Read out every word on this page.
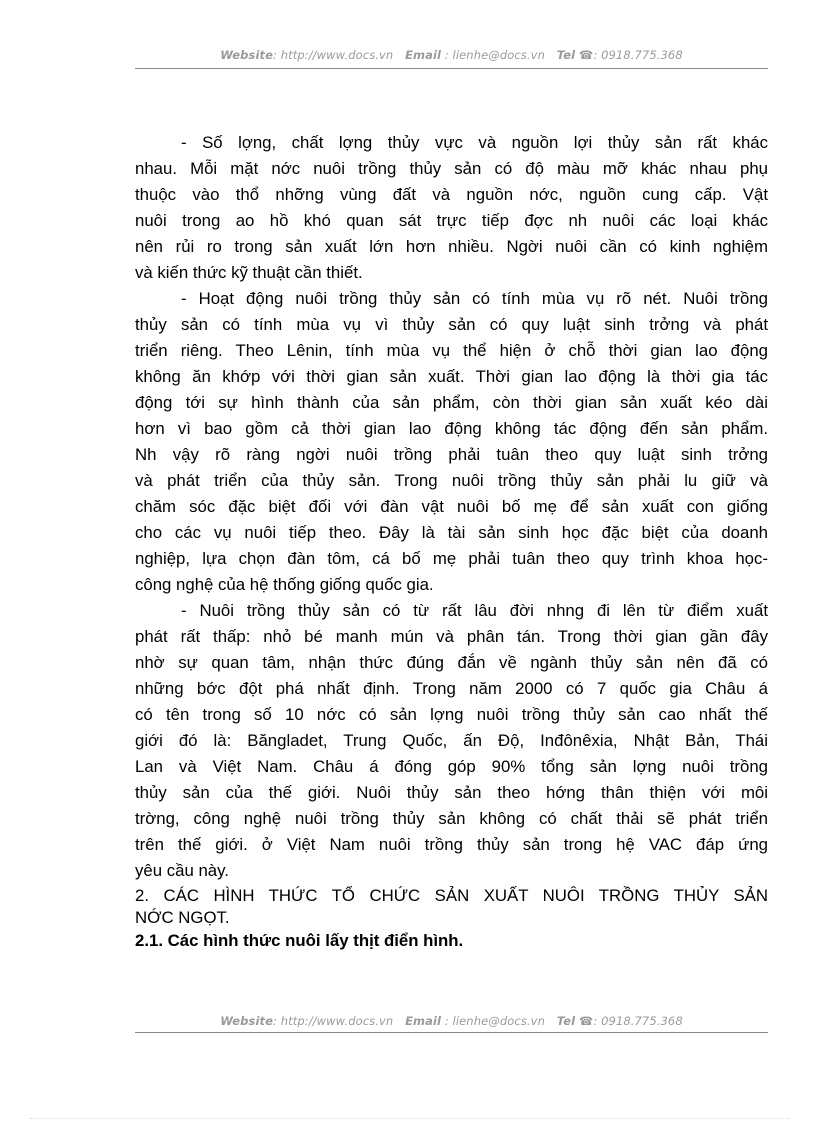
Website: http://www.docs.vn Email : lienhe@docs.vn Tel ☎: 0918.775.368
- Số lợng, chất lợng thủy vực và nguồn lợi thủy sản rất khác
nhau. Mỗi mặt nớc nuôi trồng thủy sản có độ màu mỡ khác nhau phụ
thuộc vào thổ nhỡng vùng đất và nguồn nớc, nguồn cung cấp. Vật
nuôi trong ao hồ khó quan sát trực tiếp đợc nh nuôi các loại khác
nên rủi ro trong sản xuất lớn hơn nhiều. Ngời nuôi cần có kinh nghiệm
và kiến thức kỹ thuật cần thiết.
- Hoạt động nuôi trồng thủy sản có tính mùa vụ rõ nét. Nuôi trồng
thủy sản có tính mùa vụ vì thủy sản có quy luật sinh trởng và phát
triển riêng. Theo Lênin, tính mùa vụ thể hiện ở chỗ thời gian lao động
không ăn khớp với thời gian sản xuất. Thời gian lao động là thời gia tác
động tới sự hình thành của sản phẩm, còn thời gian sản xuất kéo dài
hơn vì bao gồm cả thời gian lao động không tác động đến sản phẩm.
Nh vậy rõ ràng ngời nuôi trồng phải tuân theo quy luật sinh trởng
và phát triển của thủy sản. Trong nuôi trồng thủy sản phải lu giữ và
chăm sóc đặc biệt đối với đàn vật nuôi bố mẹ để sản xuất con giống
cho các vụ nuôi tiếp theo. Đây là tài sản sinh học đặc biệt của doanh
nghiệp, lựa chọn đàn tôm, cá bố mẹ phải tuân theo quy trình khoa học-
công nghệ của hệ thống giống quốc gia.
- Nuôi trồng thủy sản có từ rất lâu đời nhng đi lên từ điểm xuất
phát rất thấp: nhỏ bé manh mún và phân tán. Trong thời gian gần đây
nhờ sự quan tâm, nhận thức đúng đắn về ngành thủy sản nên đã có
những bớc đột phá nhất định. Trong năm 2000 có 7 quốc gia Châu á
có tên trong số 10 nớc có sản lợng nuôi trồng thủy sản cao nhất thế
giới đó là: Băngladet, Trung Quốc, ấn Độ, Inđônêxia, Nhật Bản, Thái
Lan và Việt Nam. Châu á đóng góp 90% tổng sản lợng nuôi trồng
thủy sản của thế giới. Nuôi thủy sản theo hớng thân thiện với môi
trờng, công nghệ nuôi trồng thủy sản không có chất thải sẽ phát triển
trên thế giới. ở Việt Nam nuôi trồng thủy sản trong hệ VAC đáp ứng
yêu cầu này.
2. CÁC HÌNH THỨC TỔ CHỨC SẢN XUẤT NUÔI TRỒNG THỦY SẢN
NỚC NGỌT.
2.1. Các hình thức nuôi lấy thịt điển hình.
Website: http://www.docs.vn Email : lienhe@docs.vn Tel ☎: 0918.775.368
